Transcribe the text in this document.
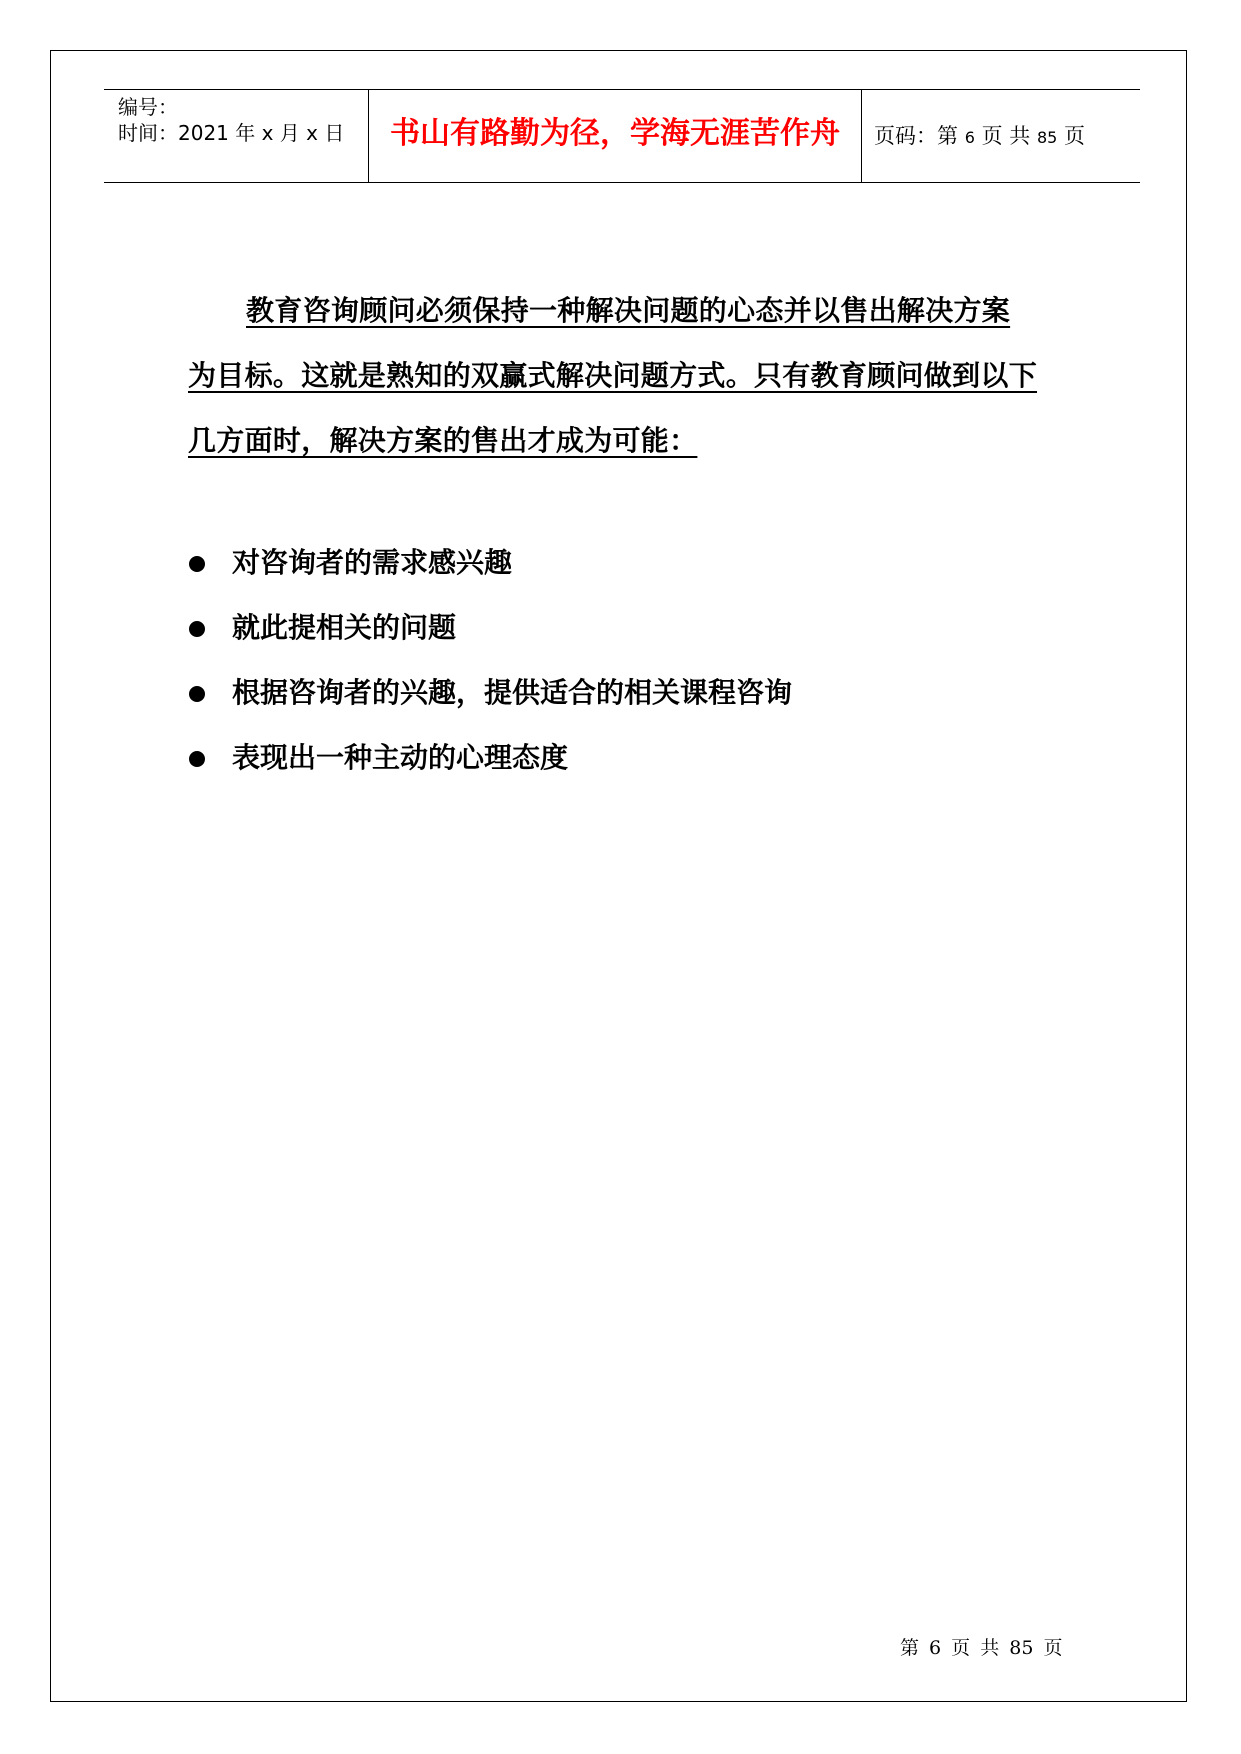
编号：
时间：2021 年 x 月 x 日	书山有路勤为径，学海无涯苦作舟	页码：第 6 页 共 85 页
教育咨询顾问必须保持一种解决问题的心态并以售出解决方案
为目标。这就是熟知的双赢式解决问题方式。只有教育顾问做到以下
几方面时，解决方案的售出才成为可能：
对咨询者的需求感兴趣
就此提相关的问题
根据咨询者的兴趣，提供适合的相关课程咨询
表现出一种主动的心理态度
第 6 页 共 85 页
